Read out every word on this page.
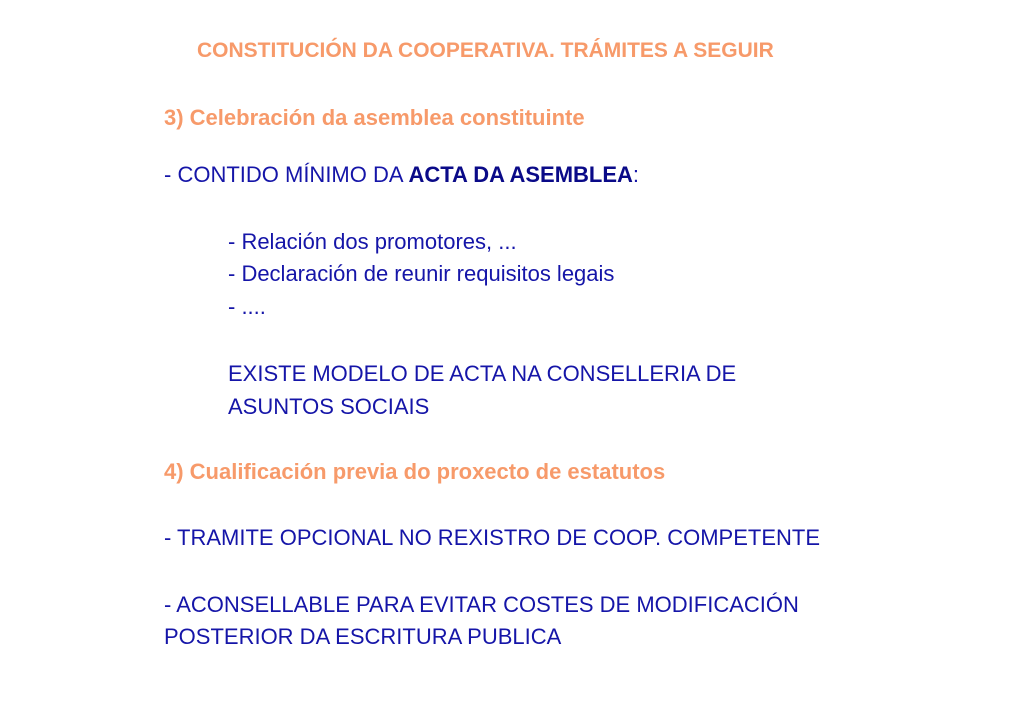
CONSTITUCIÓN DA COOPERATIVA. TRÁMITES A SEGUIR
3) Celebración da asemblea constituinte
- CONTIDO MÍNIMO DA ACTA DA ASEMBLEA:
- Relación dos promotores, ...
- Declaración de reunir requisitos legais
- ....
EXISTE MODELO DE ACTA NA CONSELLERIA DE
ASUNTOS SOCIAIS
4) Cualificación previa do proxecto de estatutos
- TRAMITE OPCIONAL NO REXISTRO DE COOP. COMPETENTE
- ACONSELLABLE PARA EVITAR COSTES DE MODIFICACIÓN
POSTERIOR DA ESCRITURA PUBLICA
